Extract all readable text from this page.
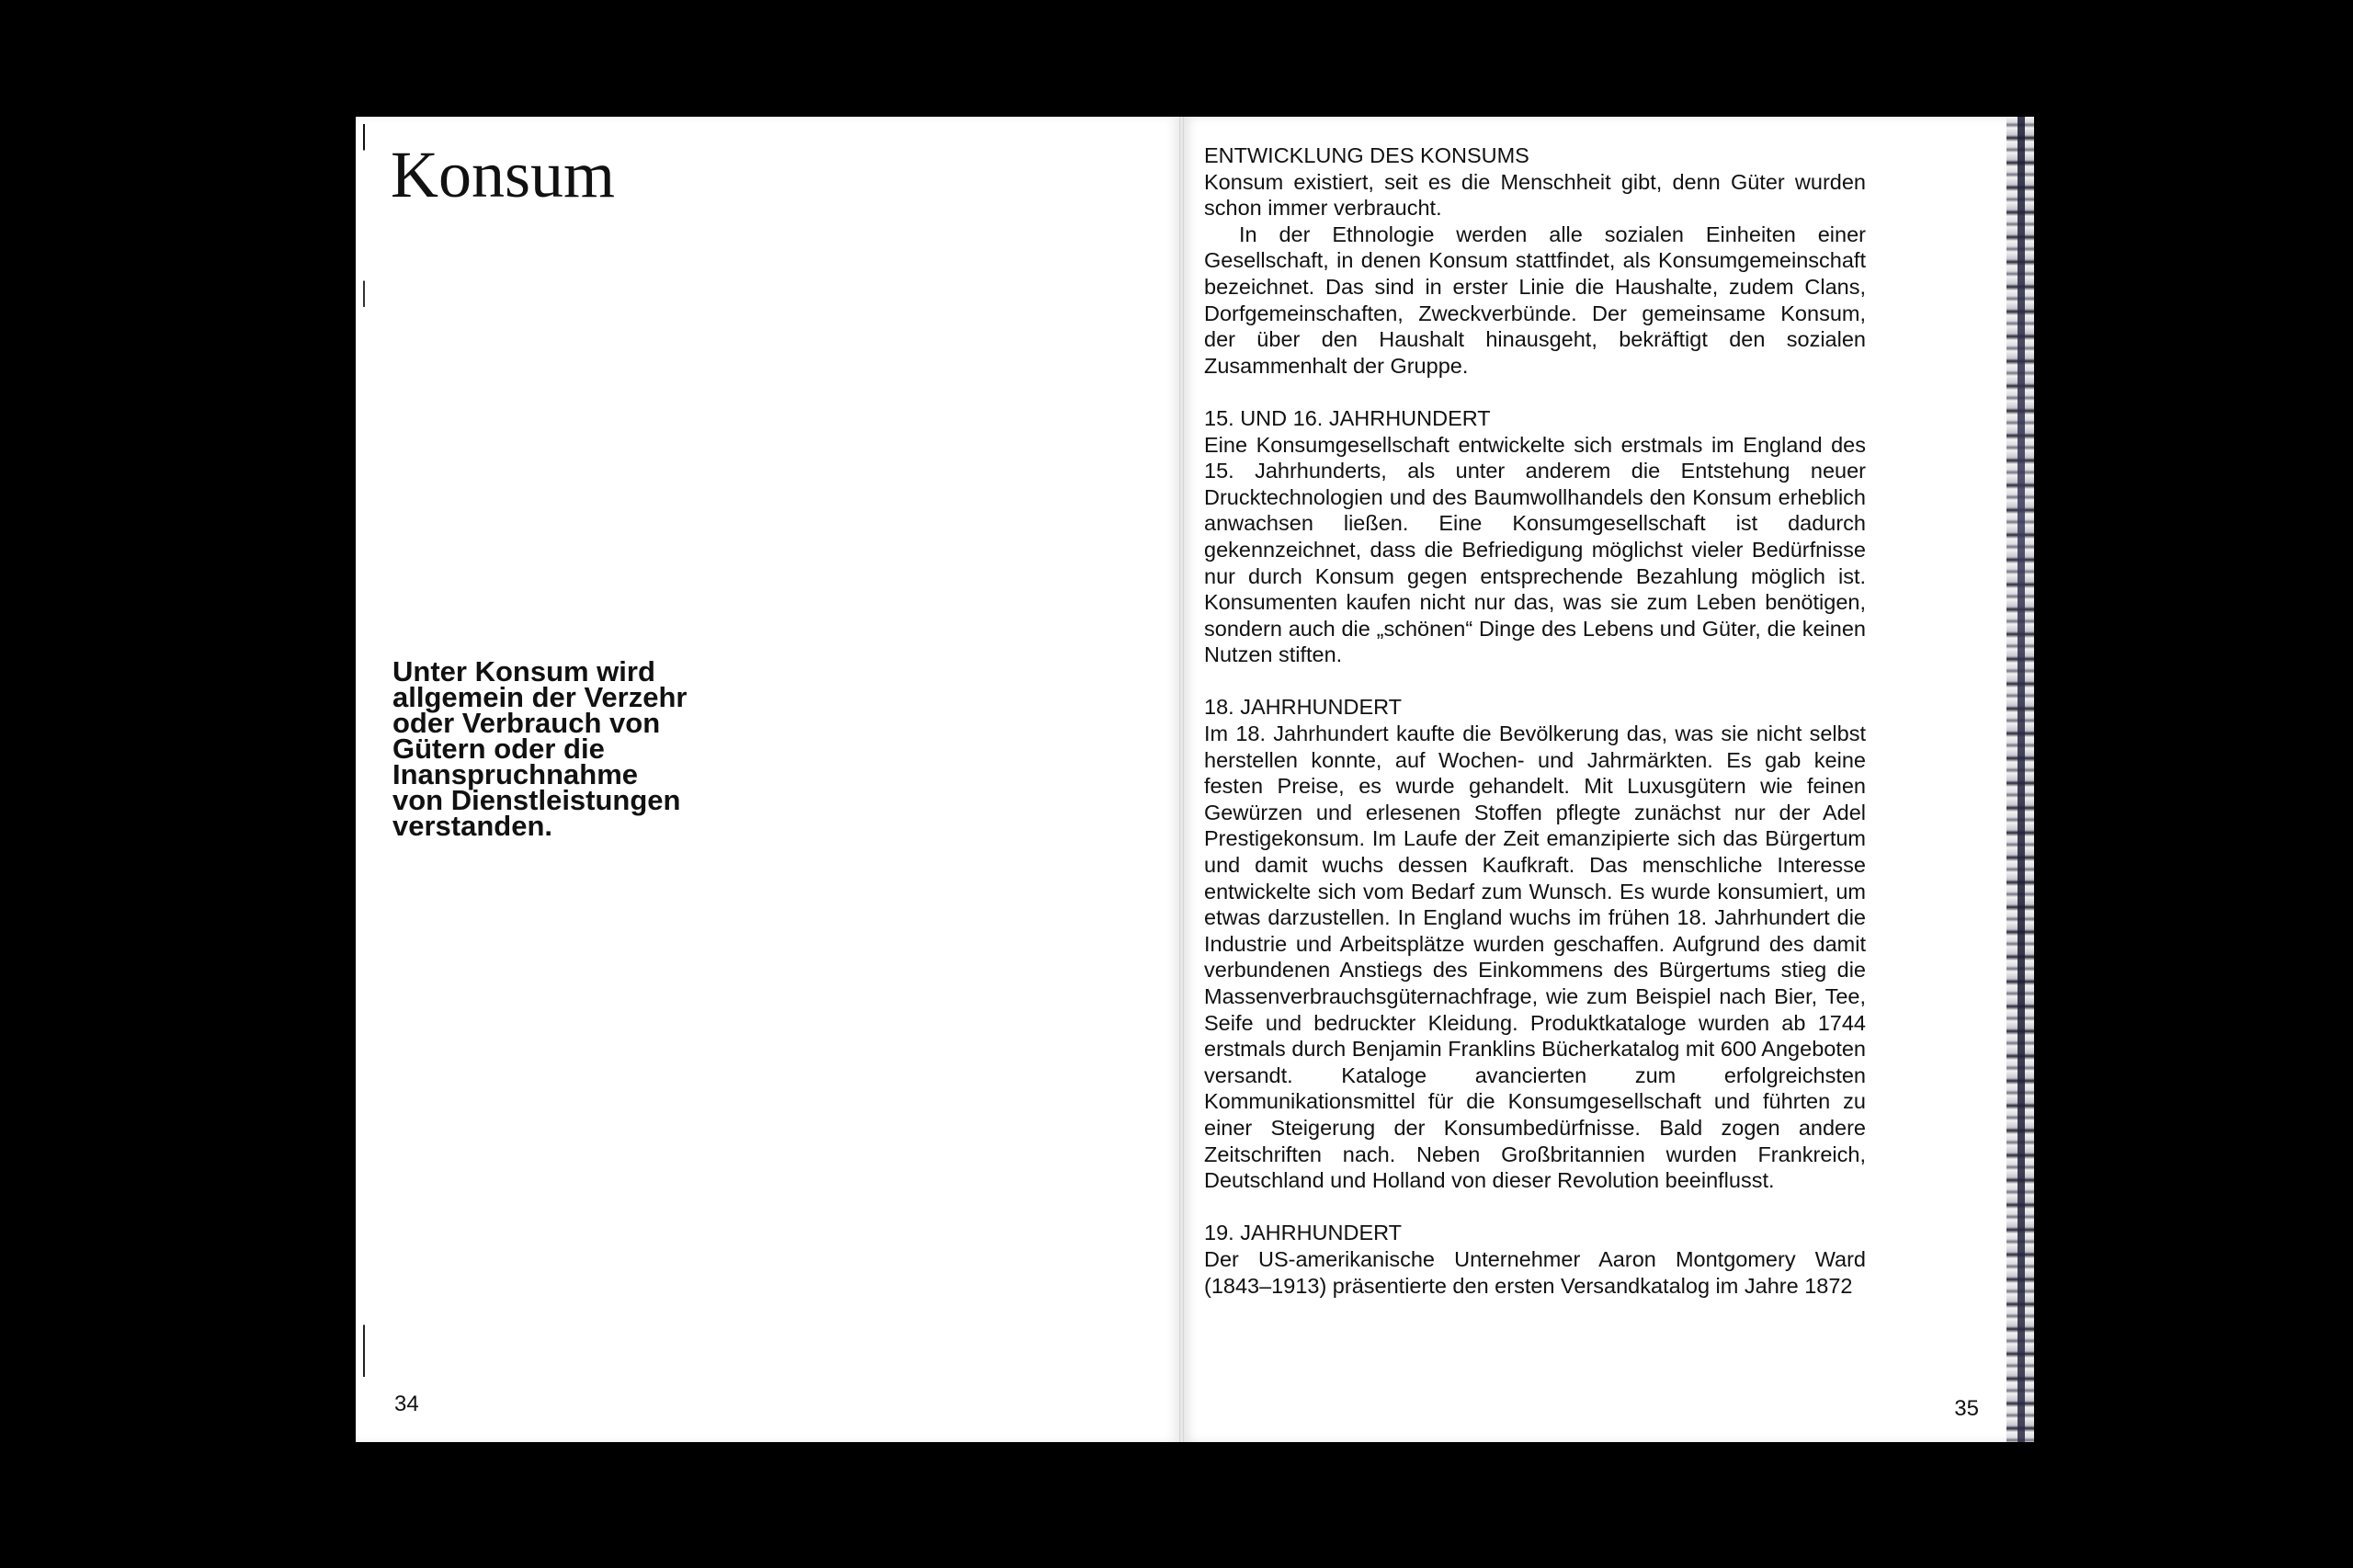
Konsum

Unter Konsum wird allgemein der Verzehr oder Verbrauch von Gütern oder die Inanspruchnahme von Dienstleistungen verstanden.

34
ENTWICKLUNG DES KONSUMS

Konsum existiert, seit es die Menschheit gibt, denn Güter wurden schon immer verbraucht.

In der Ethnologie werden alle sozialen Einheiten einer Gesellschaft, in denen Konsum stattfindet, als Konsumgemeinschaft bezeichnet. Das sind in erster Linie die Haushalte, zudem Clans, Dorfgemeinschaften, Zweckverbünde. Der gemeinsame Konsum, der über den Haushalt hinausgeht, bekräftigt den sozialen Zusammenhalt der Gruppe.

15. UND 16. JAHRHUNDERT

Eine Konsumgesellschaft entwickelte sich erstmals im England des 15. Jahrhunderts, als unter anderem die Entstehung neuer Drucktechnologien und des Baumwollhandels den Konsum erheblich anwachsen ließen. Eine Konsumgesellschaft ist dadurch gekennzeichnet, dass die Befriedigung möglichst vieler Bedürfnisse nur durch Konsum gegen entsprechende Bezahlung möglich ist. Konsumenten kaufen nicht nur das, was sie zum Leben benötigen, sondern auch die „schönen“ Dinge des Lebens und Güter, die keinen Nutzen stiften.

18. JAHRHUNDERT

Im 18. Jahrhundert kaufte die Bevölkerung das, was sie nicht selbst herstellen konnte, auf Wochen- und Jahrmärkten. Es gab keine festen Preise, es wurde gehandelt. Mit Luxusgütern wie feinen Gewürzen und erlesenen Stoffen pflegte zunächst nur der Adel Prestigekonsum. Im Laufe der Zeit emanzipierte sich das Bürgertum und damit wuchs dessen Kaufkraft. Das menschliche Interesse entwickelte sich vom Bedarf zum Wunsch. Es wurde konsumiert, um etwas darzustellen. In England wuchs im frühen 18. Jahrhundert die Industrie und Arbeitsplätze wurden geschaffen. Aufgrund des damit verbundenen Anstiegs des Einkommens des Bürgertums stieg die Massenverbrauchsgüternachfrage, wie zum Beispiel nach Bier, Tee, Seife und bedruckter Kleidung. Produktkataloge wurden ab 1744 erstmals durch Benjamin Franklins Bücherkatalog mit 600 Angeboten versandt. Kataloge avancierten zum erfolgreichsten Kommunikationsmittel für die Konsumgesellschaft und führten zu einer Steigerung der Konsumbedürfnisse. Bald zogen andere Zeitschriften nach. Neben Großbritannien wurden Frankreich, Deutschland und Holland von dieser Revolution beeinflusst.

19. JAHRHUNDERT

Der US-amerikanische Unternehmer Aaron Montgomery Ward (1843–1913) präsentierte den ersten Versandkatalog im Jahre 1872

35
